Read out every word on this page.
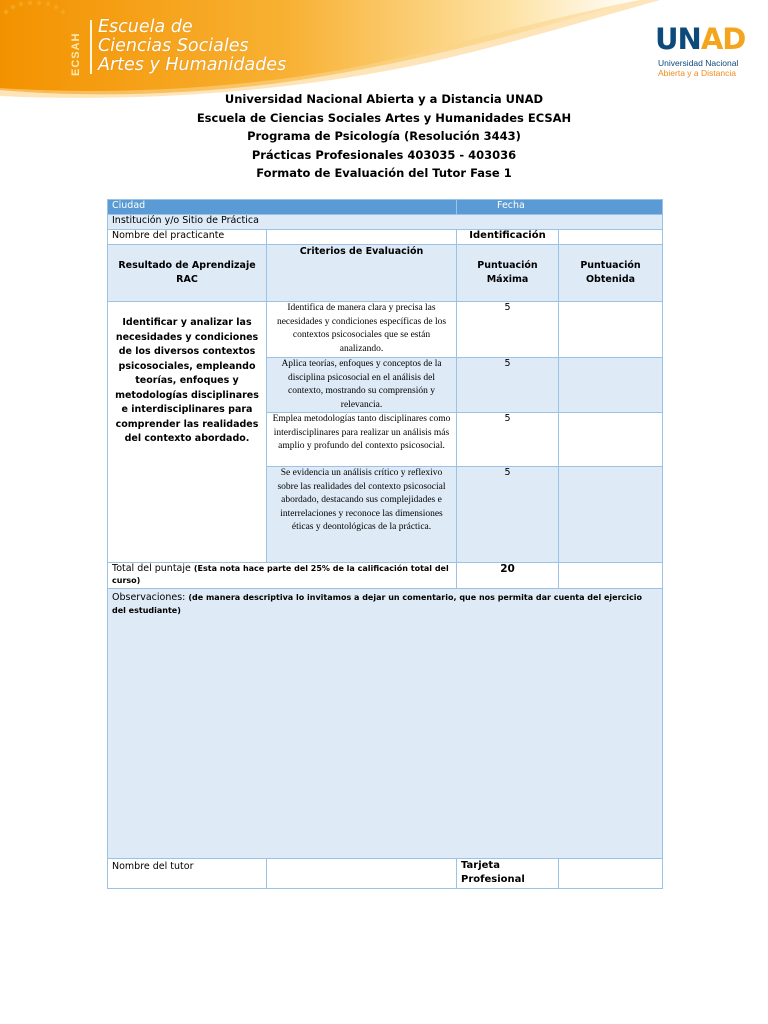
ECSAH
Escuela de
Ciencias Sociales
Artes y Humanidades
UNAD
Universidad Nacional
Abierta y a Distancia
Universidad Nacional Abierta y a Distancia UNAD
Escuela de Ciencias Sociales Artes y Humanidades ECSAH
Programa de Psicología (Resolución 3443)
Prácticas Profesionales 403035 - 403036
Formato de Evaluación del Tutor Fase 1
Ciudad		Fecha	
Institución y/o Sitio de Práctica			
Nombre del practicante		Identificación	
Resultado de Aprendizaje RAC	Criterios de Evaluación	Puntuación Máxima	Puntuación Obtenida
Identificar y analizar las necesidades y condiciones de los diversos contextos psicosociales, empleando teorías, enfoques y metodologías disciplinares e interdisciplinares para comprender las realidades del contexto abordado.	Identifica de manera clara y precisa las necesidades y condiciones específicas de los contextos psicosociales que se están analizando.	5	
	Aplica teorías, enfoques y conceptos de la disciplina psicosocial en el análisis del contexto, mostrando su comprensión y relevancia.	5	
	Emplea metodologías tanto disciplinares como interdisciplinares para realizar un análisis más amplio y profundo del contexto psicosocial.	5	
	Se evidencia un análisis crítico y reflexivo sobre las realidades del contexto psicosocial abordado, destacando sus complejidades e interrelaciones y reconoce las dimensiones éticas y deontológicas de la práctica.	5	
Total del puntaje (Esta nota hace parte del 25% de la calificación total del curso)		20	
Observaciones: (de manera descriptiva lo invitamos a dejar un comentario, que nos permita dar cuenta del ejercicio del estudiante)			
Nombre del tutor		Tarjeta Profesional	
